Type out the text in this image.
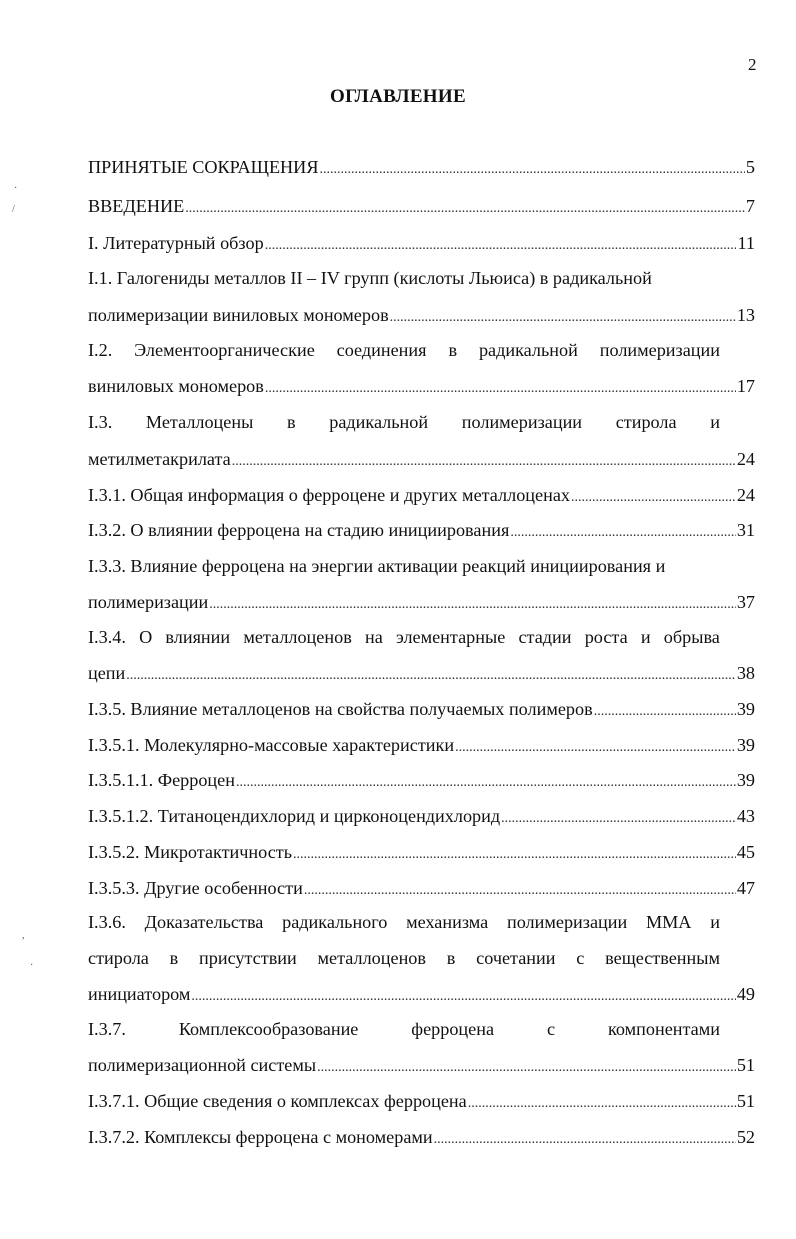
2
ОГЛАВЛЕНИЕ
ПРИНЯТЫЕ СОКРАЩЕНИЯ .....	5
ВВЕДЕНИЕ .....	7
I. Литературный обзор .....	11
I.1. Галогениды металлов II – IV групп (кислоты Льюиса) в радикальной
полимеризации виниловых мономеров .....	13
I.2. Элементоорганические соединения в радикальной полимеризации
виниловых мономеров .....	17
I.3. Металлоцены в радикальной полимеризации стирола и
метилметакрилата .....	24
I.3.1. Общая информация о ферроцене и других металлоценах .....	24
I.3.2. О влиянии ферроцена на стадию инициирования .....	31
I.3.3. Влияние ферроцена на энергии активации реакций инициирования и
полимеризации .....	37
I.3.4. О влиянии металлоценов на элементарные стадии роста и обрыва
цепи .....	38
I.3.5. Влияние металлоценов на свойства получаемых полимеров .....	39
I.3.5.1. Молекулярно-массовые характеристики .....	39
I.3.5.1.1. Ферроцен .....	39
I.3.5.1.2. Титаноцендихлорид и цирконоцендихлорид .....	43
I.3.5.2. Микротактичность .....	45
I.3.5.3. Другие особенности .....	47
I.3.6. Доказательства радикального механизма полимеризации ММА и
стирола в присутствии металлоценов в сочетании с вещественным
инициатором .....	49
I.3.7.	Комплексообразование	ферроцена	с	компонентами
полимеризационной системы .....	51
I.3.7.1. Общие сведения о комплексах ферроцена .....	51
I.3.7.2. Комплексы ферроцена с мономерами .....	52
·
/
,
·
